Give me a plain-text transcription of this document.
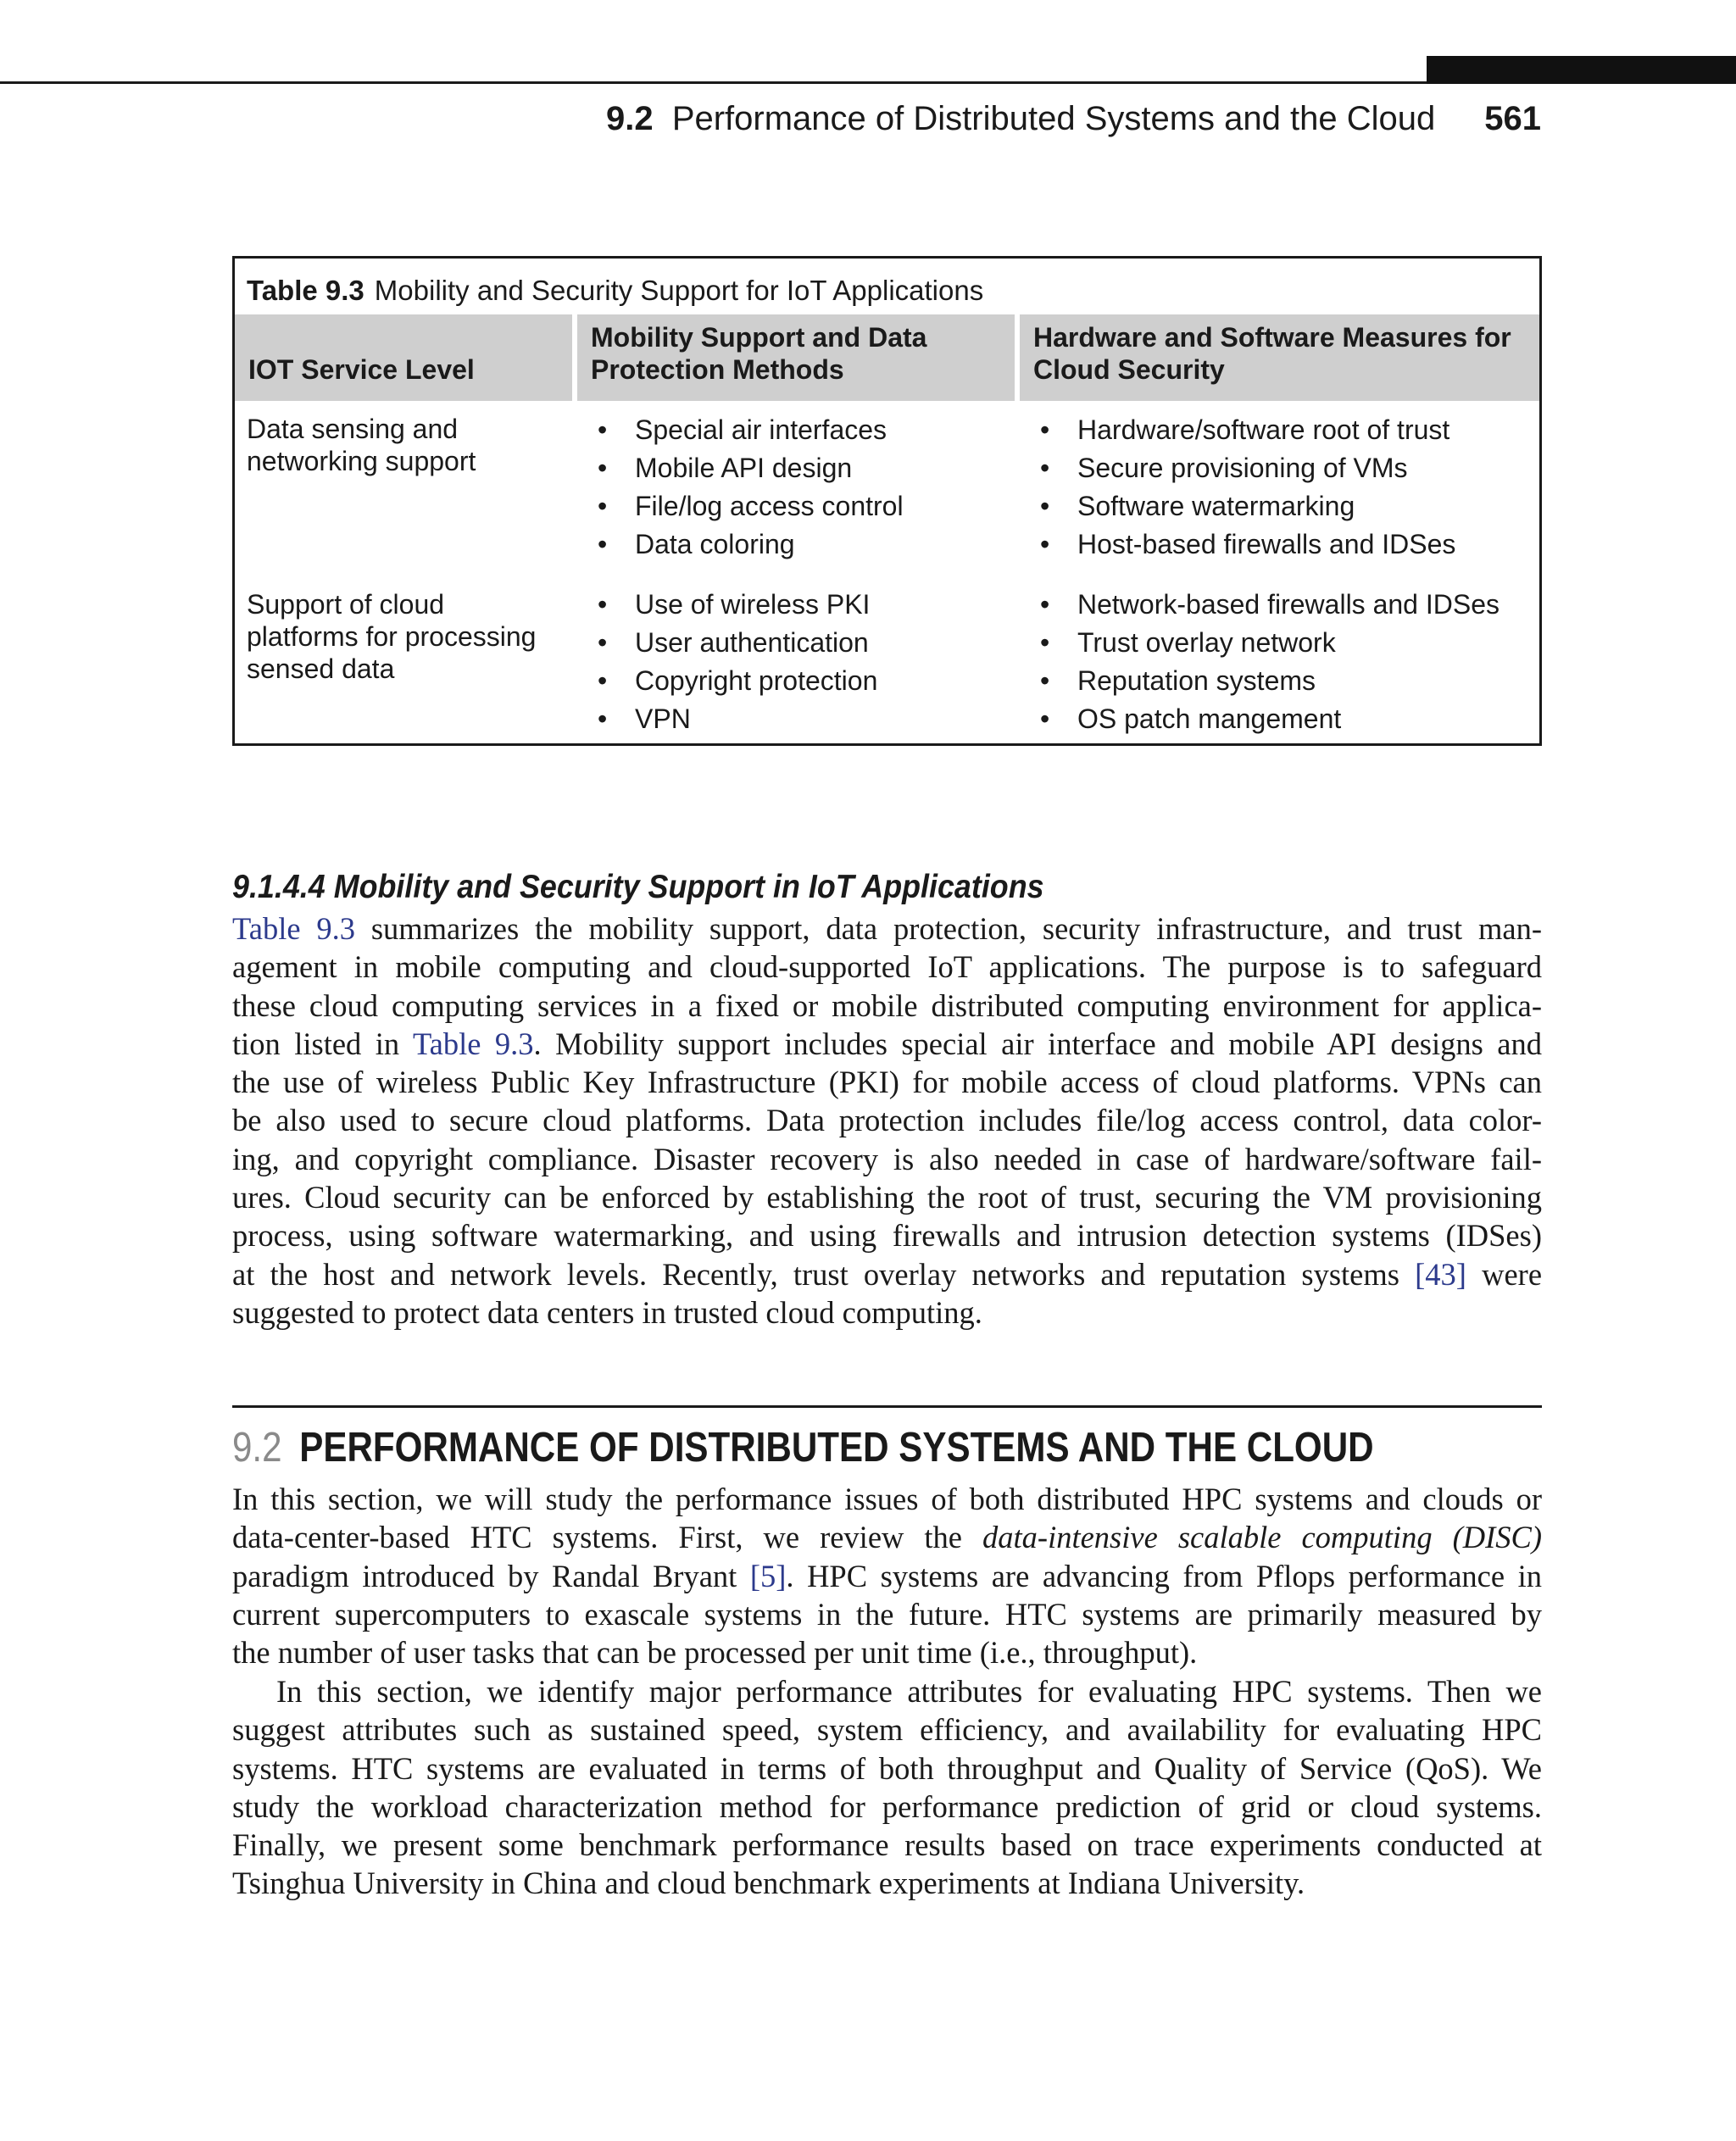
9.2 Performance of Distributed Systems and the Cloud 561
Table 9.3 Mobility and Security Support for IoT Applications
IOT Service Level
Mobility Support and Data Protection Methods
Hardware and Software Measures for Cloud Security
Data sensing and networking support
• Special air interfaces
• Mobile API design
• File/log access control
• Data coloring
• Hardware/software root of trust
• Secure provisioning of VMs
• Software watermarking
• Host-based firewalls and IDSes
Support of cloud platforms for processing sensed data
• Use of wireless PKI
• User authentication
• Copyright protection
• VPN
• Network-based firewalls and IDSes
• Trust overlay network
• Reputation systems
• OS patch mangement
9.1.4.4 Mobility and Security Support in IoT Applications
Table 9.3 summarizes the mobility support, data protection, security infrastructure, and trust man-
agement in mobile computing and cloud-supported IoT applications. The purpose is to safeguard
these cloud computing services in a fixed or mobile distributed computing environment for applica-
tion listed in Table 9.3. Mobility support includes special air interface and mobile API designs and
the use of wireless Public Key Infrastructure (PKI) for mobile access of cloud platforms. VPNs can
be also used to secure cloud platforms. Data protection includes file/log access control, data color-
ing, and copyright compliance. Disaster recovery is also needed in case of hardware/software fail-
ures. Cloud security can be enforced by establishing the root of trust, securing the VM provisioning
process, using software watermarking, and using firewalls and intrusion detection systems (IDSes)
at the host and network levels. Recently, trust overlay networks and reputation systems [43] were
suggested to protect data centers in trusted cloud computing.
9.2 PERFORMANCE OF DISTRIBUTED SYSTEMS AND THE CLOUD
In this section, we will study the performance issues of both distributed HPC systems and clouds or
data-center-based HTC systems. First, we review the data-intensive scalable computing (DISC)
paradigm introduced by Randal Bryant [5]. HPC systems are advancing from Pflops performance in
current supercomputers to exascale systems in the future. HTC systems are primarily measured by
the number of user tasks that can be processed per unit time (i.e., throughput).
In this section, we identify major performance attributes for evaluating HPC systems. Then we
suggest attributes such as sustained speed, system efficiency, and availability for evaluating HPC
systems. HTC systems are evaluated in terms of both throughput and Quality of Service (QoS). We
study the workload characterization method for performance prediction of grid or cloud systems.
Finally, we present some benchmark performance results based on trace experiments conducted at
Tsinghua University in China and cloud benchmark experiments at Indiana University.
